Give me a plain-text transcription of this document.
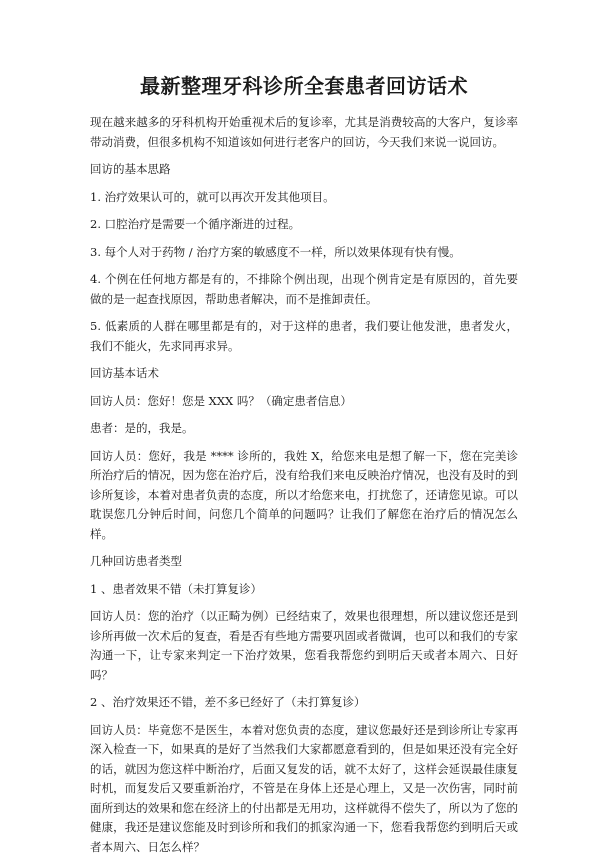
最新整理牙科诊所全套患者回访话术

现在越来越多的牙科机构开始重视术后的复诊率，尤其是消费较高的大客户，复诊率带动消费，但很多机构不知道该如何进行老客户的回访，今天我们来说一说回访。

回访的基本思路

1. 治疗效果认可的，就可以再次开发其他项目。

2. 口腔治疗是需要一个循序渐进的过程。

3. 每个人对于药物 / 治疗方案的敏感度不一样，所以效果体现有快有慢。

4. 个例在任何地方都是有的，不排除个例出现，出现个例肯定是有原因的，首先要做的是一起查找原因，帮助患者解决，而不是推卸责任。

5. 低素质的人群在哪里都是有的，对于这样的患者，我们要让他发泄，患者发火，我们不能火，先求同再求异。

回访基本话术

回访人员：您好！您是 XXX 吗？（确定患者信息）

患者：是的，我是。

回访人员：您好，我是 **** 诊所的，我姓 X，给您来电是想了解一下，您在完美诊所治疗后的情况，因为您在治疗后，没有给我们来电反映治疗情况，也没有及时的到诊所复诊，本着对患者负责的态度，所以才给您来电，打扰您了，还请您见谅。可以耽误您几分钟后时间，问您几个简单的问题吗？让我们了解您在治疗后的情况怎么样。

几种回访患者类型

1 、患者效果不错（未打算复诊）

回访人员：您的治疗（以正畸为例）已经结束了，效果也很理想，所以建议您还是到诊所再做一次术后的复查，看是否有些地方需要巩固或者微调，也可以和我们的专家沟通一下，让专家来判定一下治疗效果，您看我帮您约到明后天或者本周六、日好吗？

2 、治疗效果还不错，差不多已经好了（未打算复诊）

回访人员：毕竟您不是医生，本着对您负责的态度，建议您最好还是到诊所让专家再深入检查一下，如果真的是好了当然我们大家都愿意看到的，但是如果还没有完全好的话，就因为您这样中断治疗，后面又复发的话，就不太好了，这样会延误最佳康复时机，而复发后又要重新治疗，不管是在身体上还是心理上，又是一次伤害，同时前面所到达的效果和您在经济上的付出都是无用功，这样就得不偿失了，所以为了您的健康，我还是建议您能及时到诊所和我们的抓家沟通一下，您看我帮您约到明后天或者本周六、日怎么样？
